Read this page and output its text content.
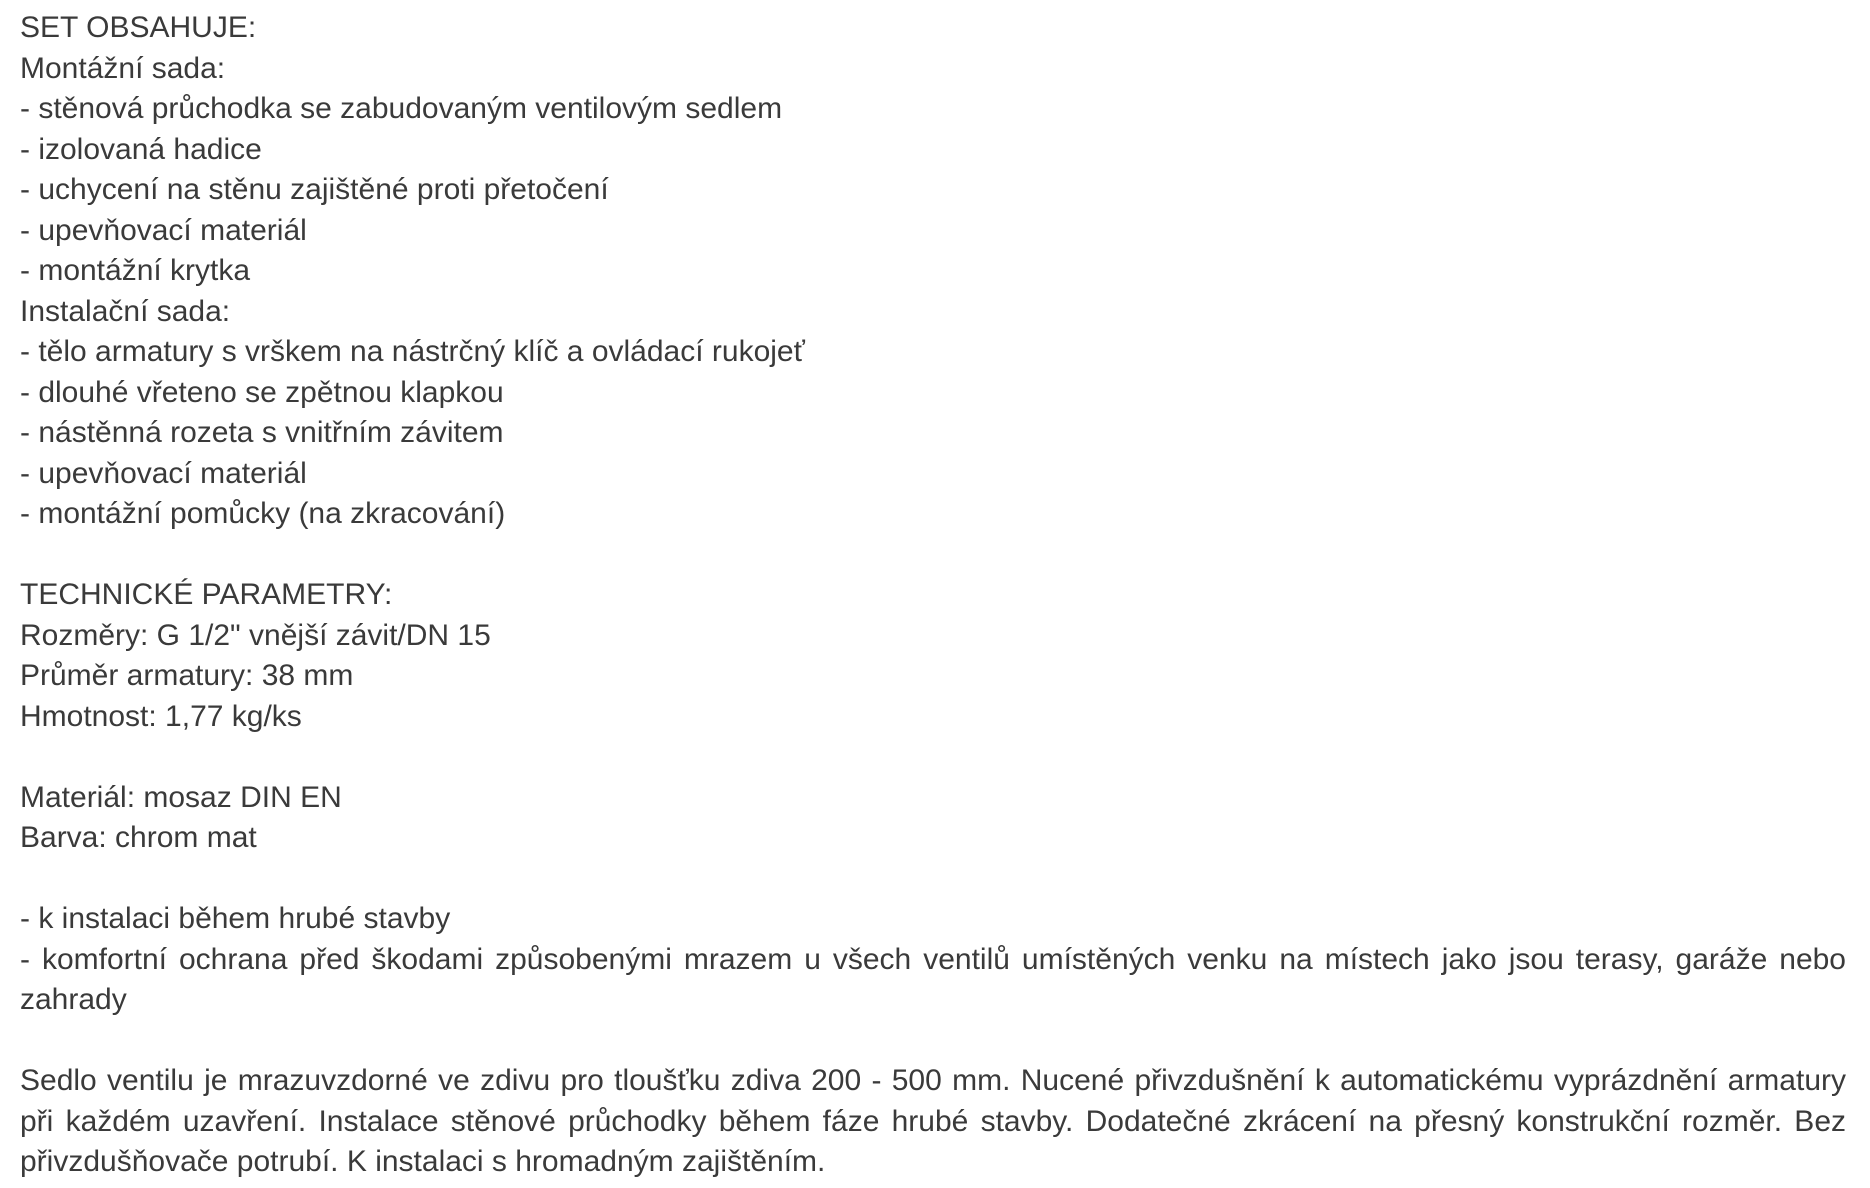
SET OBSAHUJE:
Montážní sada:
- stěnová průchodka se zabudovaným ventilovým sedlem
- izolovaná hadice
- uchycení na stěnu zajištěné proti přetočení
- upevňovací materiál
- montážní krytka
Instalační sada:
- tělo armatury s vrškem na nástrčný klíč a ovládací rukojeť
- dlouhé vřeteno se zpětnou klapkou
- nástěnná rozeta s vnitřním závitem
- upevňovací materiál
- montážní pomůcky (na zkracování)
TECHNICKÉ PARAMETRY:
Rozměry: G 1/2" vnější závit/DN 15
Průměr armatury: 38 mm
Hmotnost: 1,77 kg/ks
Materiál: mosaz DIN EN
Barva: chrom mat
- k instalaci během hrubé stavby
- komfortní ochrana před škodami způsobenými mrazem u všech ventilů umístěných venku na místech jako jsou terasy, garáže nebo zahrady
Sedlo ventilu je mrazuvzdorné ve zdivu pro tloušťku zdiva 200 - 500 mm. Nucené přivzdušnění k automatickému vyprázdnění armatury při každém uzavření. Instalace stěnové průchodky během fáze hrubé stavby. Dodatečné zkrácení na přesný konstrukční rozměr. Bez přivzdušňovače potrubí. K instalaci s hromadným zajištěním.
